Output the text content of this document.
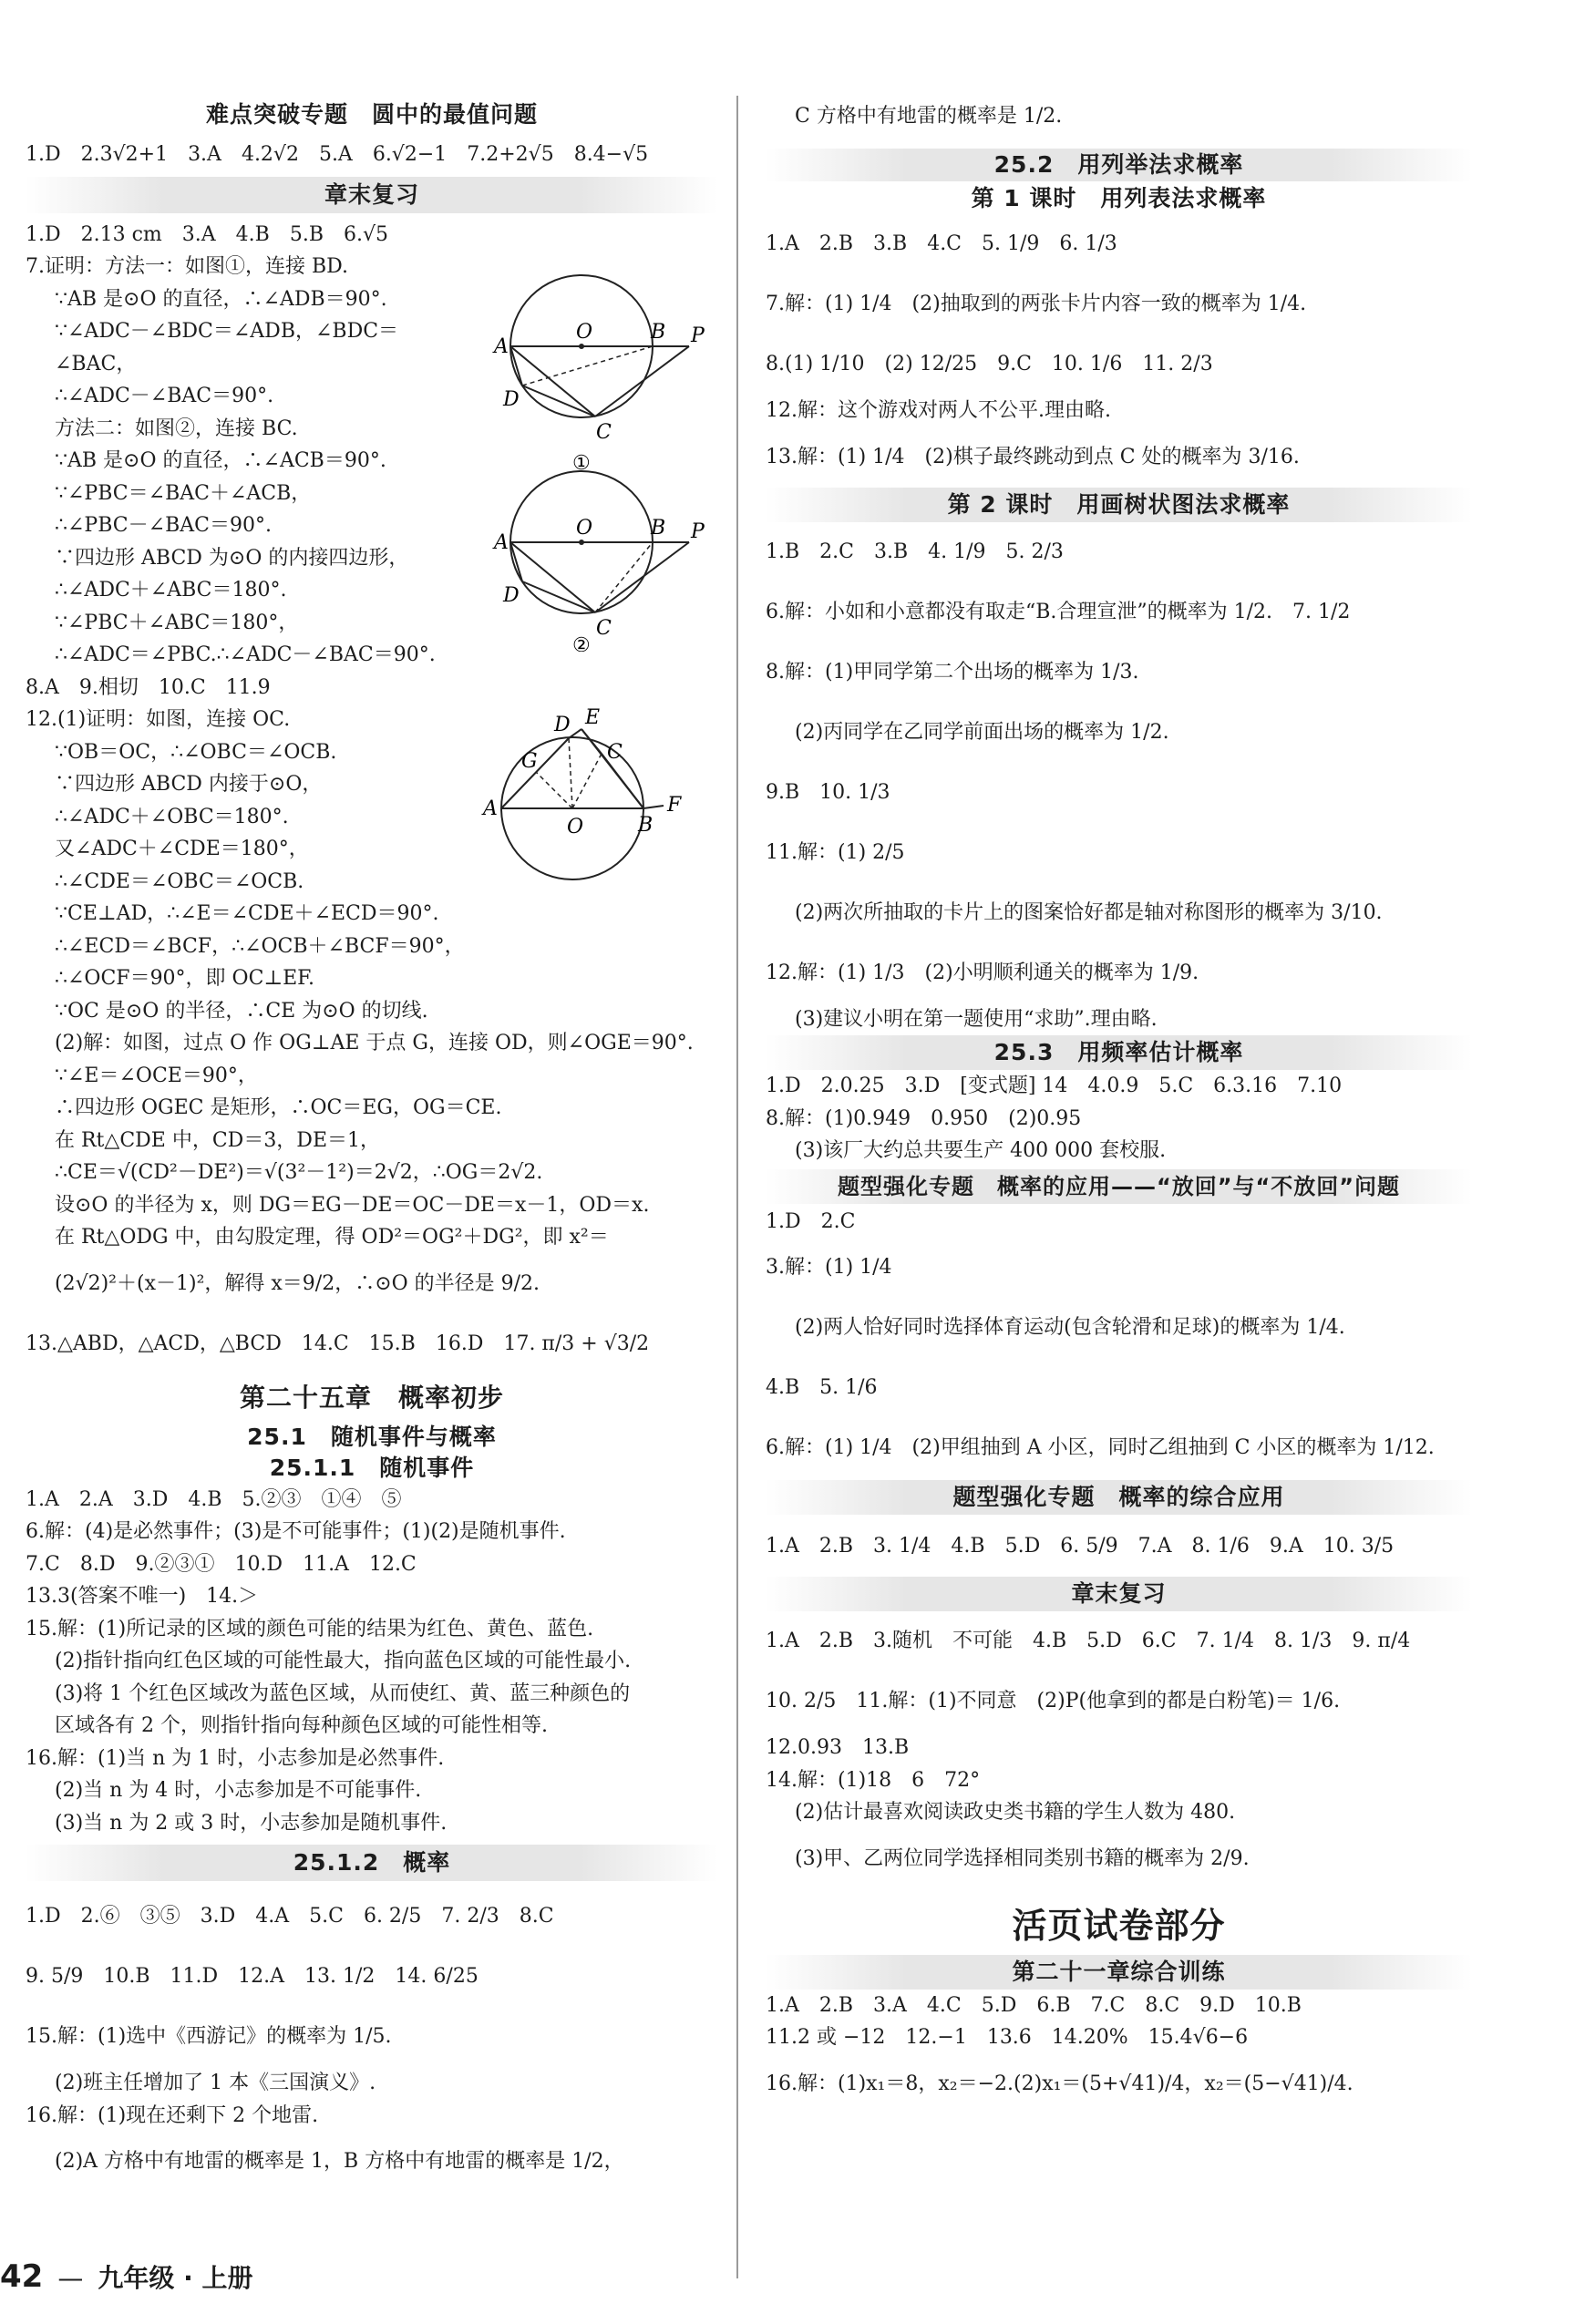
难点突破专题　圆中的最值问题
1.D　2.3√2+1　3.A　4.2√2　5.A　6.√2−1　7.2+2√5　8.4−√5
章末复习
1.D　2.13 cm　3.A　4.B　5.B　6.√5
7.证明：方法一：如图①，连接 BD.
∵AB 是⊙O 的直径，∴∠ADB＝90°.
∵∠ADC－∠BDC＝∠ADB，∠BDC＝
∠BAC，
∴∠ADC－∠BAC＝90°.
方法二：如图②，连接 BC.
∵AB 是⊙O 的直径，∴∠ACB＝90°.
∵∠PBC＝∠BAC＋∠ACB，
∴∠PBC－∠BAC＝90°.
∵四边形 ABCD 为⊙O 的内接四边形，
∴∠ADC＋∠ABC＝180°.
∵∠PBC＋∠ABC＝180°，
∴∠ADC＝∠PBC.∴∠ADC－∠BAC＝90°.
A
O	B P
D
C
①
A
O	B P
D
C
②
8.A　9.相切　10.C　11.9
12.(1)证明：如图，连接 OC.
∵OB＝OC，∴∠OBC＝∠OCB.
∵四边形 ABCD 内接于⊙O，
∴∠ADC＋∠OBC＝180°.
又∠ADC＋∠CDE＝180°，
∴∠CDE＝∠OBC＝∠OCB.
A
O	B
F
D
C
E
G
∵CE⊥AD，∴∠E＝∠CDE＋∠ECD＝90°.
∴∠ECD＝∠BCF，∴∠OCB＋∠BCF＝90°，
∴∠OCF＝90°，即 OC⊥EF.
∵OC 是⊙O 的半径，∴CE 为⊙O 的切线.
(2)解：如图，过点 O 作 OG⊥AE 于点 G，连接 OD，则∠OGE＝90°.
∵∠E＝∠OCE＝90°，
∴四边形 OGEC 是矩形，∴OC＝EG，OG＝CE.
在 Rt△CDE 中，CD＝3，DE＝1，
∴CE＝√(CD²－DE²)＝√(3²－1²)＝2√2，∴OG＝2√2.
设⊙O 的半径为 x，则 DG＝EG－DE＝OC－DE＝x－1，OD＝x.
在 Rt△ODG 中，由勾股定理，得 OD²＝OG²＋DG²，即 x²＝
(2√2)²＋(x－1)²，解得 x＝9/2，∴⊙O 的半径是 9/2.
13.△ABD，△ACD，△BCD　14.C　15.B　16.D　17. π/3 + √3/2
第二十五章　概率初步
25.1　随机事件与概率
25.1.1　随机事件
1.A　2.A　3.D　4.B　5.②③　①④　⑤
6.解：(4)是必然事件；(3)是不可能事件；(1)(2)是随机事件.
7.C　8.D　9.②③①　10.D　11.A　12.C
13.3(答案不唯一)　14.＞
15.解：(1)所记录的区域的颜色可能的结果为红色、黄色、蓝色.
(2)指针指向红色区域的可能性最大，指向蓝色区域的可能性最小.
(3)将 1 个红色区域改为蓝色区域，从而使红、黄、蓝三种颜色的
区域各有 2 个，则指针指向每种颜色区域的可能性相等.
16.解：(1)当 n 为 1 时，小志参加是必然事件.
(2)当 n 为 4 时，小志参加是不可能事件.
(3)当 n 为 2 或 3 时，小志参加是随机事件.
25.1.2　概率
1.D　2.⑥　③⑤　3.D　4.A　5.C　6. 2/5　7. 2/3　8.C
9. 5/9　10.B　11.D　12.A　13. 1/2　14. 6/25
15.解：(1)选中《西游记》的概率为 1/5.
(2)班主任增加了 1 本《三国演义》.
16.解：(1)现在还剩下 2 个地雷.
(2)A 方格中有地雷的概率是 1，B 方格中有地雷的概率是 1/2，
C 方格中有地雷的概率是 1/2.
25.2　用列举法求概率
第 1 课时　用列表法求概率
1.A　2.B　3.B　4.C　5. 1/9　6. 1/3
7.解：(1) 1/4　(2)抽取到的两张卡片内容一致的概率为 1/4.
8.(1) 1/10　(2) 12/25　9.C　10. 1/6　11. 2/3
12.解：这个游戏对两人不公平.理由略.
13.解：(1) 1/4　(2)棋子最终跳动到点 C 处的概率为 3/16.
第 2 课时　用画树状图法求概率
1.B　2.C　3.B　4. 1/9　5. 2/3
6.解：小如和小意都没有取走“B.合理宣泄”的概率为 1/2.　7. 1/2
8.解：(1)甲同学第二个出场的概率为 1/3.
(2)丙同学在乙同学前面出场的概率为 1/2.
9.B　10. 1/3
11.解：(1) 2/5
(2)两次所抽取的卡片上的图案恰好都是轴对称图形的概率为 3/10.
12.解：(1) 1/3　(2)小明顺利通关的概率为 1/9.
(3)建议小明在第一题使用“求助”.理由略.
25.3　用频率估计概率
1.D　2.0.25　3.D　[变式题] 14　4.0.9　5.C　6.3.16　7.10
8.解：(1)0.949　0.950　(2)0.95
(3)该厂大约总共要生产 400 000 套校服.
题型强化专题　概率的应用——“放回”与“不放回”问题
1.D　2.C
3.解：(1) 1/4
(2)两人恰好同时选择体育运动(包含轮滑和足球)的概率为 1/4.
4.B　5. 1/6
6.解：(1) 1/4　(2)甲组抽到 A 小区，同时乙组抽到 C 小区的概率为 1/12.
题型强化专题　概率的综合应用
1.A　2.B　3. 1/4　4.B　5.D　6. 5/9　7.A　8. 1/6　9.A　10. 3/5
章末复习
1.A　2.B　3.随机　不可能　4.B　5.D　6.C　7. 1/4　8. 1/3　9. π/4
10. 2/5　11.解：(1)不同意　(2)P(他拿到的都是白粉笔)＝ 1/6.
12.0.93　13.B
14.解：(1)18　6　72°
(2)估计最喜欢阅读政史类书籍的学生人数为 480.
(3)甲、乙两位同学选择相同类别书籍的概率为 2/9.
活页试卷部分
第二十一章综合训练
1.A　2.B　3.A　4.C　5.D　6.B　7.C　8.C　9.D　10.B
11.2 或 −12　12.−1　13.6　14.20%　15.4√6−6
16.解：(1)x₁＝8，x₂＝−2.(2)x₁＝(5+√41)/4，x₂＝(5−√41)/4.
42 — 九年级 · 上册
